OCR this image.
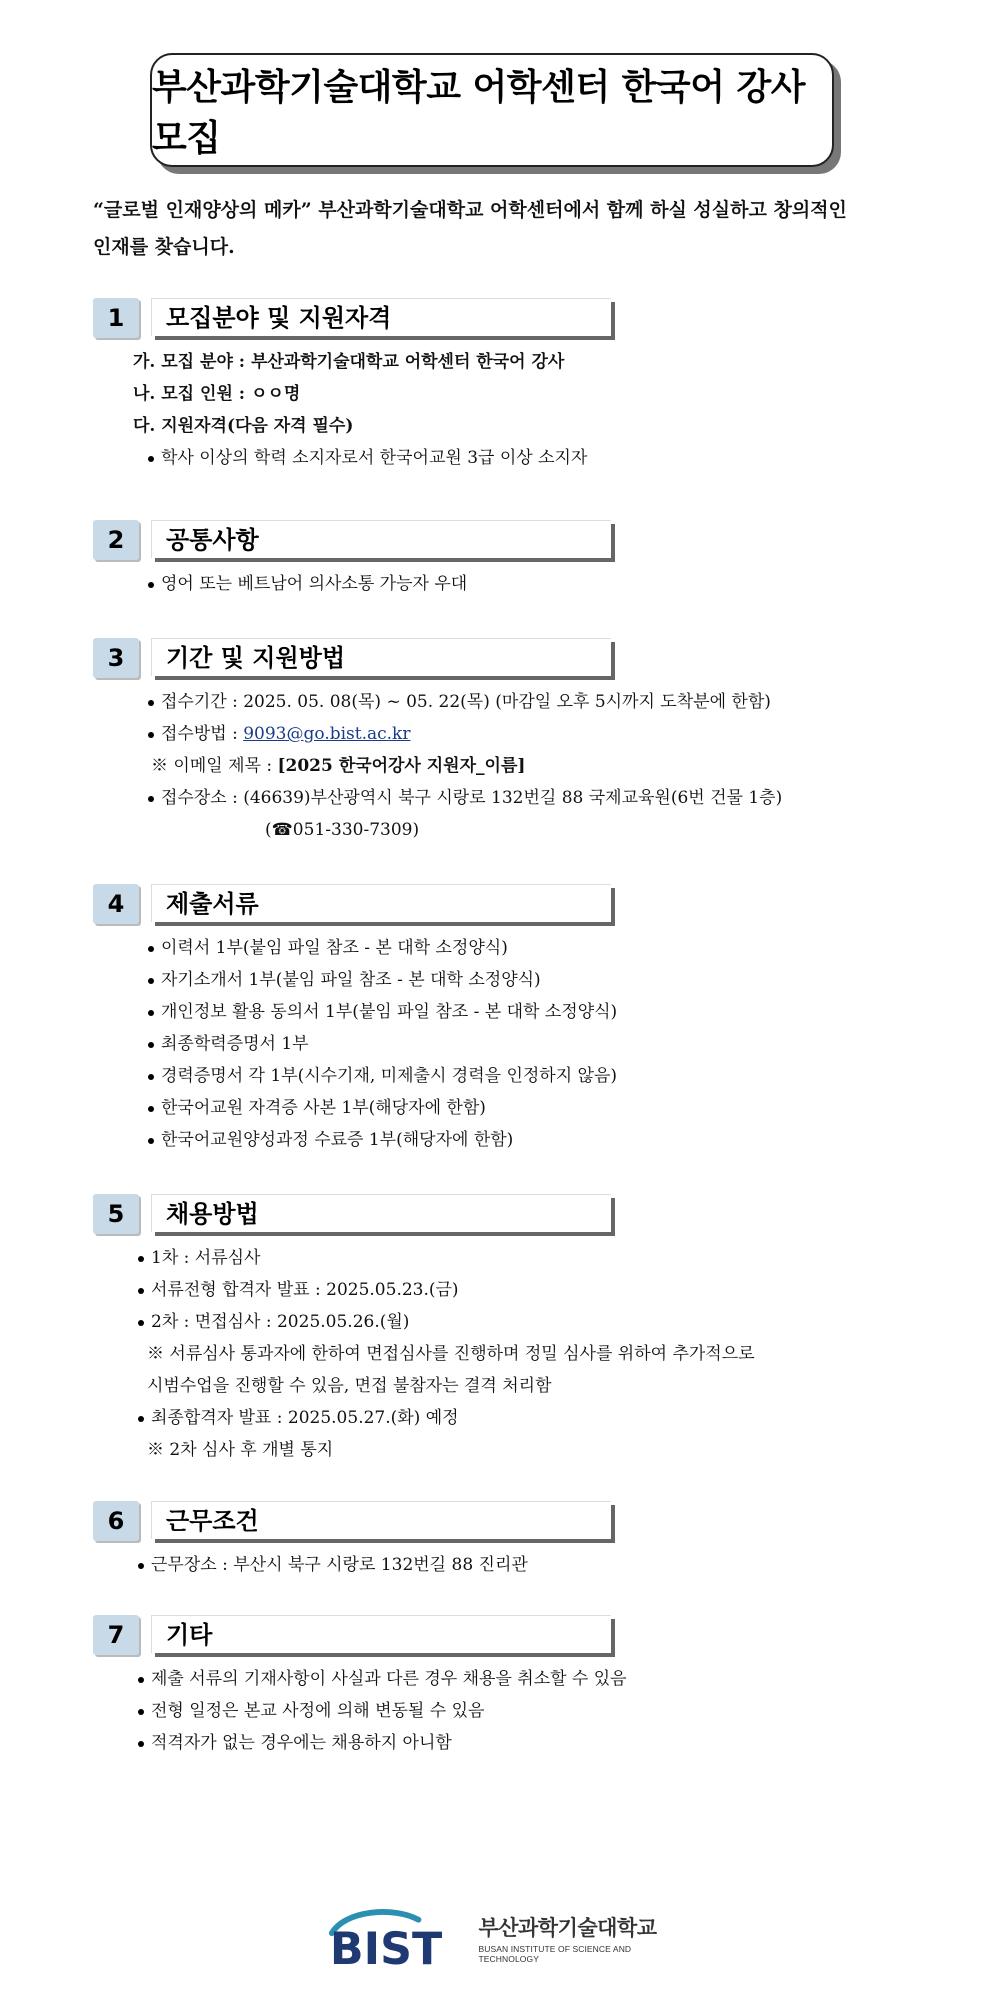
부산과학기술대학교 어학센터 한국어 강사 모집
“글로벌 인재양상의 메카” 부산과학기술대학교 어학센터에서 함께 하실 성실하고 창의적인
인재를 찾습니다.
1	모집분야 및 지원자격
가. 모집 분야 : 부산과학기술대학교 어학센터 한국어 강사
나. 모집 인원 : ㅇㅇ명
다. 지원자격(다음 자격 필수)
학사 이상의 학력 소지자로서 한국어교원 3급 이상 소지자
2	공통사항
영어 또는 베트남어 의사소통 가능자 우대
3	기간 및 지원방법
접수기간 : 2025. 05. 08(목) ~ 05. 22(목) (마감일 오후 5시까지 도착분에 한함)
접수방법 : 9093@go.bist.ac.kr
※ 이메일 제목 : [2025 한국어강사 지원자_이름]
접수장소 : (46639)부산광역시 북구 시랑로 132번길 88 국제교육원(6번 건물 1층)
(☎051-330-7309)
4	제출서류
이력서 1부(붙임 파일 참조 - 본 대학 소정양식)
자기소개서 1부(붙임 파일 참조 - 본 대학 소정양식)
개인정보 활용 동의서 1부(붙임 파일 참조 - 본 대학 소정양식)
최종학력증명서 1부
경력증명서 각 1부(시수기재, 미제출시 경력을 인정하지 않음)
한국어교원 자격증 사본 1부(해당자에 한함)
한국어교원양성과정 수료증 1부(해당자에 한함)
5	채용방법
1차 : 서류심사
서류전형 합격자 발표 : 2025.05.23.(금)
2차 : 면접심사 : 2025.05.26.(월)
※ 서류심사 통과자에 한하여 면접심사를 진행하며 정밀 심사를 위하여 추가적으로
시범수업을 진행할 수 있음, 면접 불참자는 결격 처리함
최종합격자 발표 : 2025.05.27.(화) 예정
※ 2차 심사 후 개별 통지
6	근무조건
근무장소 : 부산시 북구 시랑로 132번길 88 진리관
7	기타
제출 서류의 기재사항이 사실과 다른 경우 채용을 취소할 수 있음
전형 일정은 본교 사정에 의해 변동될 수 있음
적격자가 없는 경우에는 채용하지 아니함
BIST 부산과학기술대학교
BUSAN INSTITUTE OF SCIENCE AND TECHNOLOGY
